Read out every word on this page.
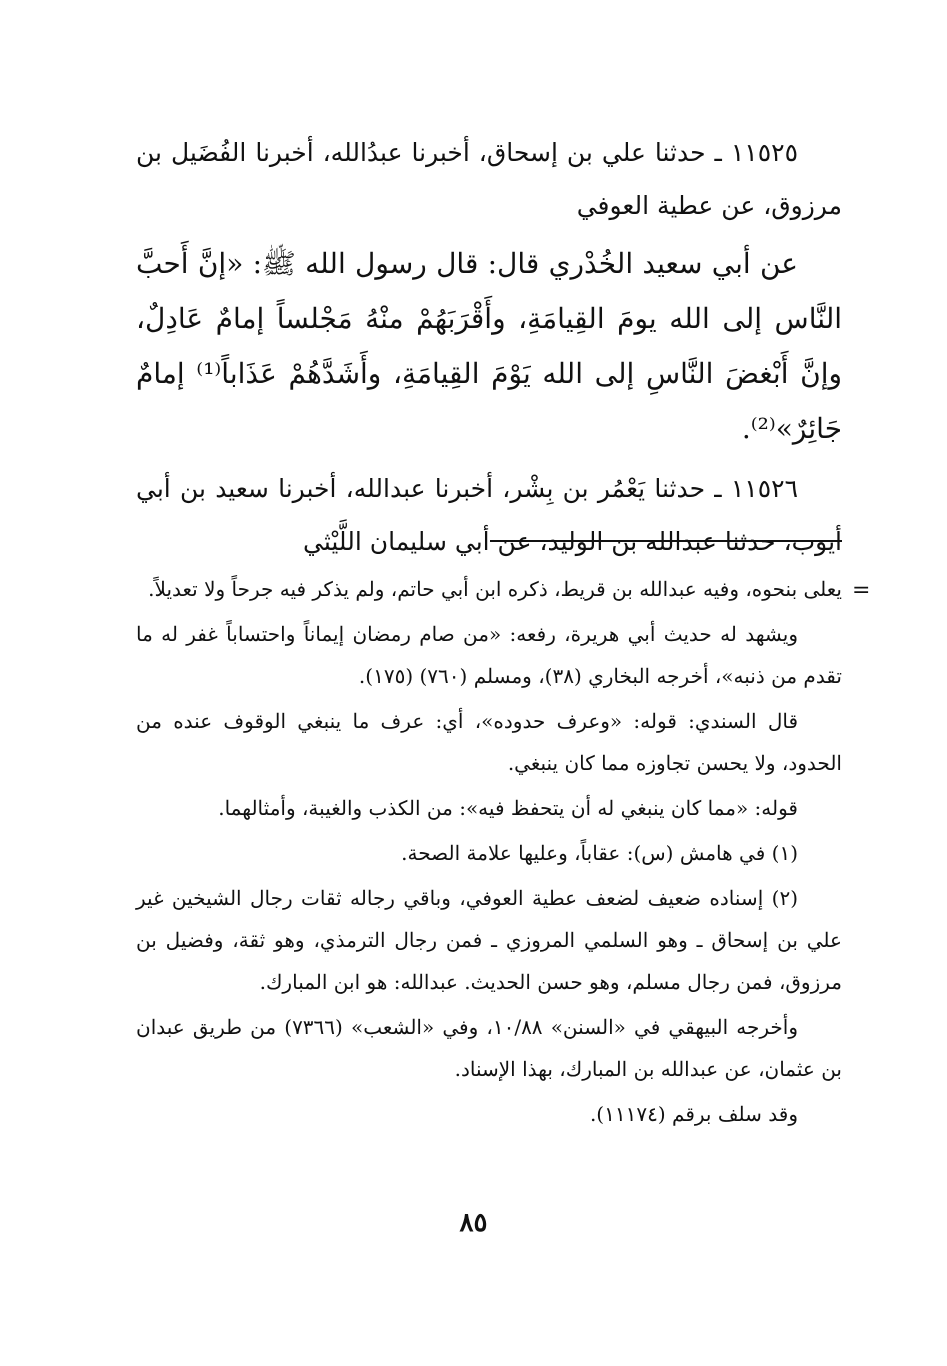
١١٥٢٥ ـ حدثنا علي بن إسحاق، أخبرنا عبدُالله، أخبرنا الفُضَيل بن مرزوق، عن عطية العوفي

عن أبي سعيد الخُدْري قال: قال رسول الله ﷺ: «إنَّ أَحبَّ النَّاس إلى الله يومَ القِيامَةِ، وأَقْرَبَهُمْ منْهُ مَجْلساً إمامٌ عَادِلٌ، وإنَّ أَبْغضَ النَّاسِ إلى الله يَوْمَ القِيامَةِ، وأَشَدَّهُمْ عَذَاباً⁽¹⁾ إمامٌ جَائِرٌ»⁽²⁾.

١١٥٢٦ ـ حدثنا يَعْمُر بن بِشْر، أخبرنا عبدالله، أخبرنا سعيد بن أبي أيوب، حدثنا عبدالله بن الوليد، عن أبي سليمان اللَّيْثي

=

يعلى بنحوه، وفيه عبدالله بن قريط، ذكره ابن أبي حاتم، ولم يذكر فيه جرحاً ولا تعديلاً.

ويشهد له حديث أبي هريرة، رفعه: «من صام رمضان إيماناً واحتساباً غفر له ما تقدم من ذنبه»، أخرجه البخاري (٣٨)، ومسلم (٧٦٠) (١٧٥).

قال السندي: قوله: «وعرف حدوده»، أي: عرف ما ينبغي الوقوف عنده من الحدود، ولا يحسن تجاوزه مما كان ينبغي.

قوله: «مما كان ينبغي له أن يتحفظ فيه»: من الكذب والغيبة، وأمثالهما.

(١) في هامش (س): عقاباً، وعليها علامة الصحة.

(٢) إسناده ضعيف لضعف عطية العوفي، وباقي رجاله ثقات رجال الشيخين غير علي بن إسحاق ـ وهو السلمي المروزي ـ فمن رجال الترمذي، وهو ثقة، وفضيل بن مرزوق، فمن رجال مسلم، وهو حسن الحديث. عبدالله: هو ابن المبارك.

وأخرجه البيهقي في «السنن» ١٠/٨٨، وفي «الشعب» (٧٣٦٦) من طريق عبدان بن عثمان، عن عبدالله بن المبارك، بهذا الإسناد.

وقد سلف برقم (١١١٧٤).

٨٥
